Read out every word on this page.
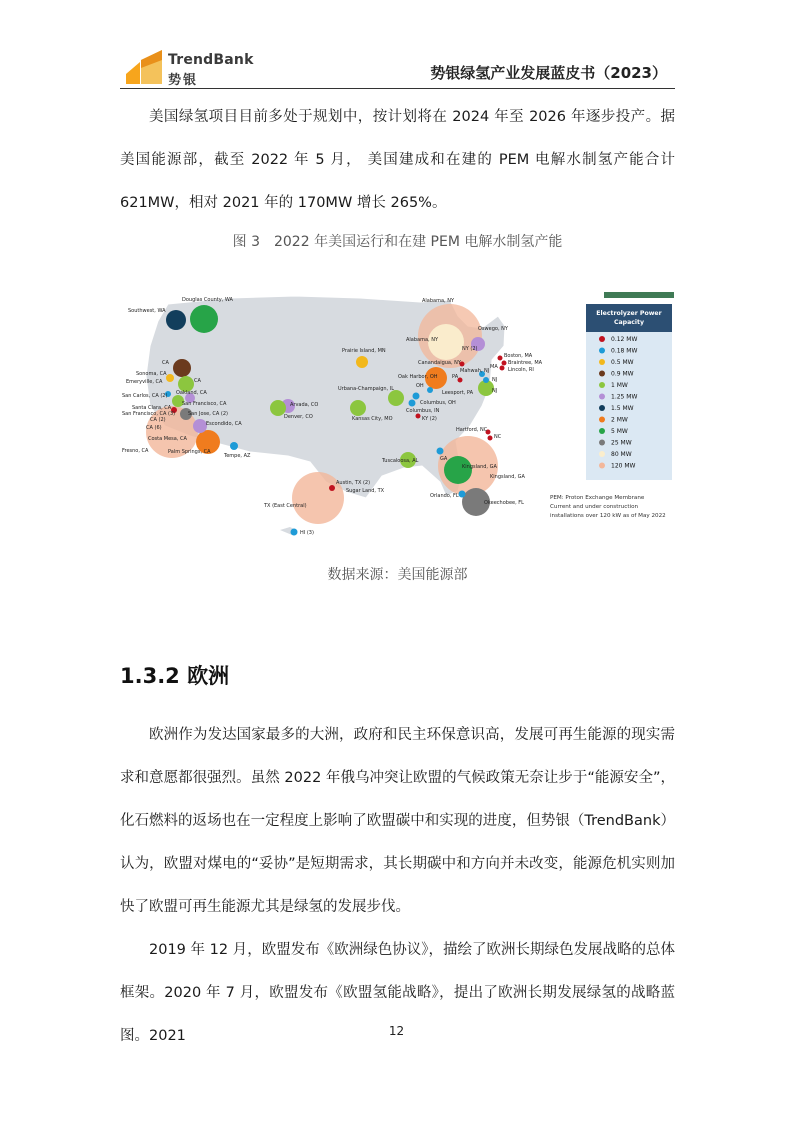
TrendBank
势银	势银绿氢产业发展蓝皮书（2023）

美国绿氢项目目前多处于规划中，按计划将在 2024 年至 2026 年逐步投产。据美国能源部，截至 2022 年 5 月， 美国建成和在建的 PEM 电解水制氢产能合计 621MW，相对 2021 年的 170MW 增长 265%。

图 3　2022 年美国运行和在建 PEM 电解水制氢产能
Douglas County, WA
Southwest, WA
Alabama, NY
Alabama, NY
Oswego, NY
NY (2)
Boston, MA
Braintree, MA
Lincoln, RI
MA
Mahwah, NJ
NJ
NJ
Canandaigua, NY
Oak Harbor, OH
OH
PA
Leesport, PA
Columbus, OH
Columbus, IN
KY (2)
Prairie Island, MN
Urbana-Champaign, IL
Kansas City, MO
Hartford, NC
NC
Tuscaloosa, AL	GA
Kingsland, GA
Kingsland, GA
Orlando, FL
Okeechobee, FL
Austin, TX (2)
Sugar Land, TX
TX (East Central)
HI (3)
Arvada, CO
Denver, CO
Tempe, AZ
CA
Sonoma, CA
Emeryville, CA	CA
Oakland, CA
San Carlos, CA (2)
San Francisco, CA
Santa Clara, CA
San Francisco, CA (3)	San Jose, CA (2)
CA (2)
CA (6)
Escondido, CA
Costa Mesa, CA
Fresno, CA	Palm Springs, CA
Electrolyzer Power
Capacity
0.12 MW
0.18 MW
0.5 MW
0.9 MW
1 MW
1.25 MW
1.5 MW
2 MW
5 MW
25 MW
80 MW
120 MW
PEM: Proton Exchange Membrane
Current and under construction
installations over 120 kW as of May 2022
数据来源：美国能源部
1.3.2 欧洲

欧洲作为发达国家最多的大洲，政府和民主环保意识高，发展可再生能源的现实需求和意愿都很强烈。虽然 2022 年俄乌冲突让欧盟的气候政策无奈让步于“能源安全”，化石燃料的返场也在一定程度上影响了欧盟碳中和实现的进度，但势银（TrendBank）认为，欧盟对煤电的“妥协”是短期需求，其长期碳中和方向并未改变，能源危机实则加快了欧盟可再生能源尤其是绿氢的发展步伐。

2019 年 12 月，欧盟发布《欧洲绿色协议》，描绘了欧洲长期绿色发展战略的总体框架。2020 年 7 月，欧盟发布《欧盟氢能战略》，提出了欧洲长期发展绿氢的战略蓝图。2021	12
